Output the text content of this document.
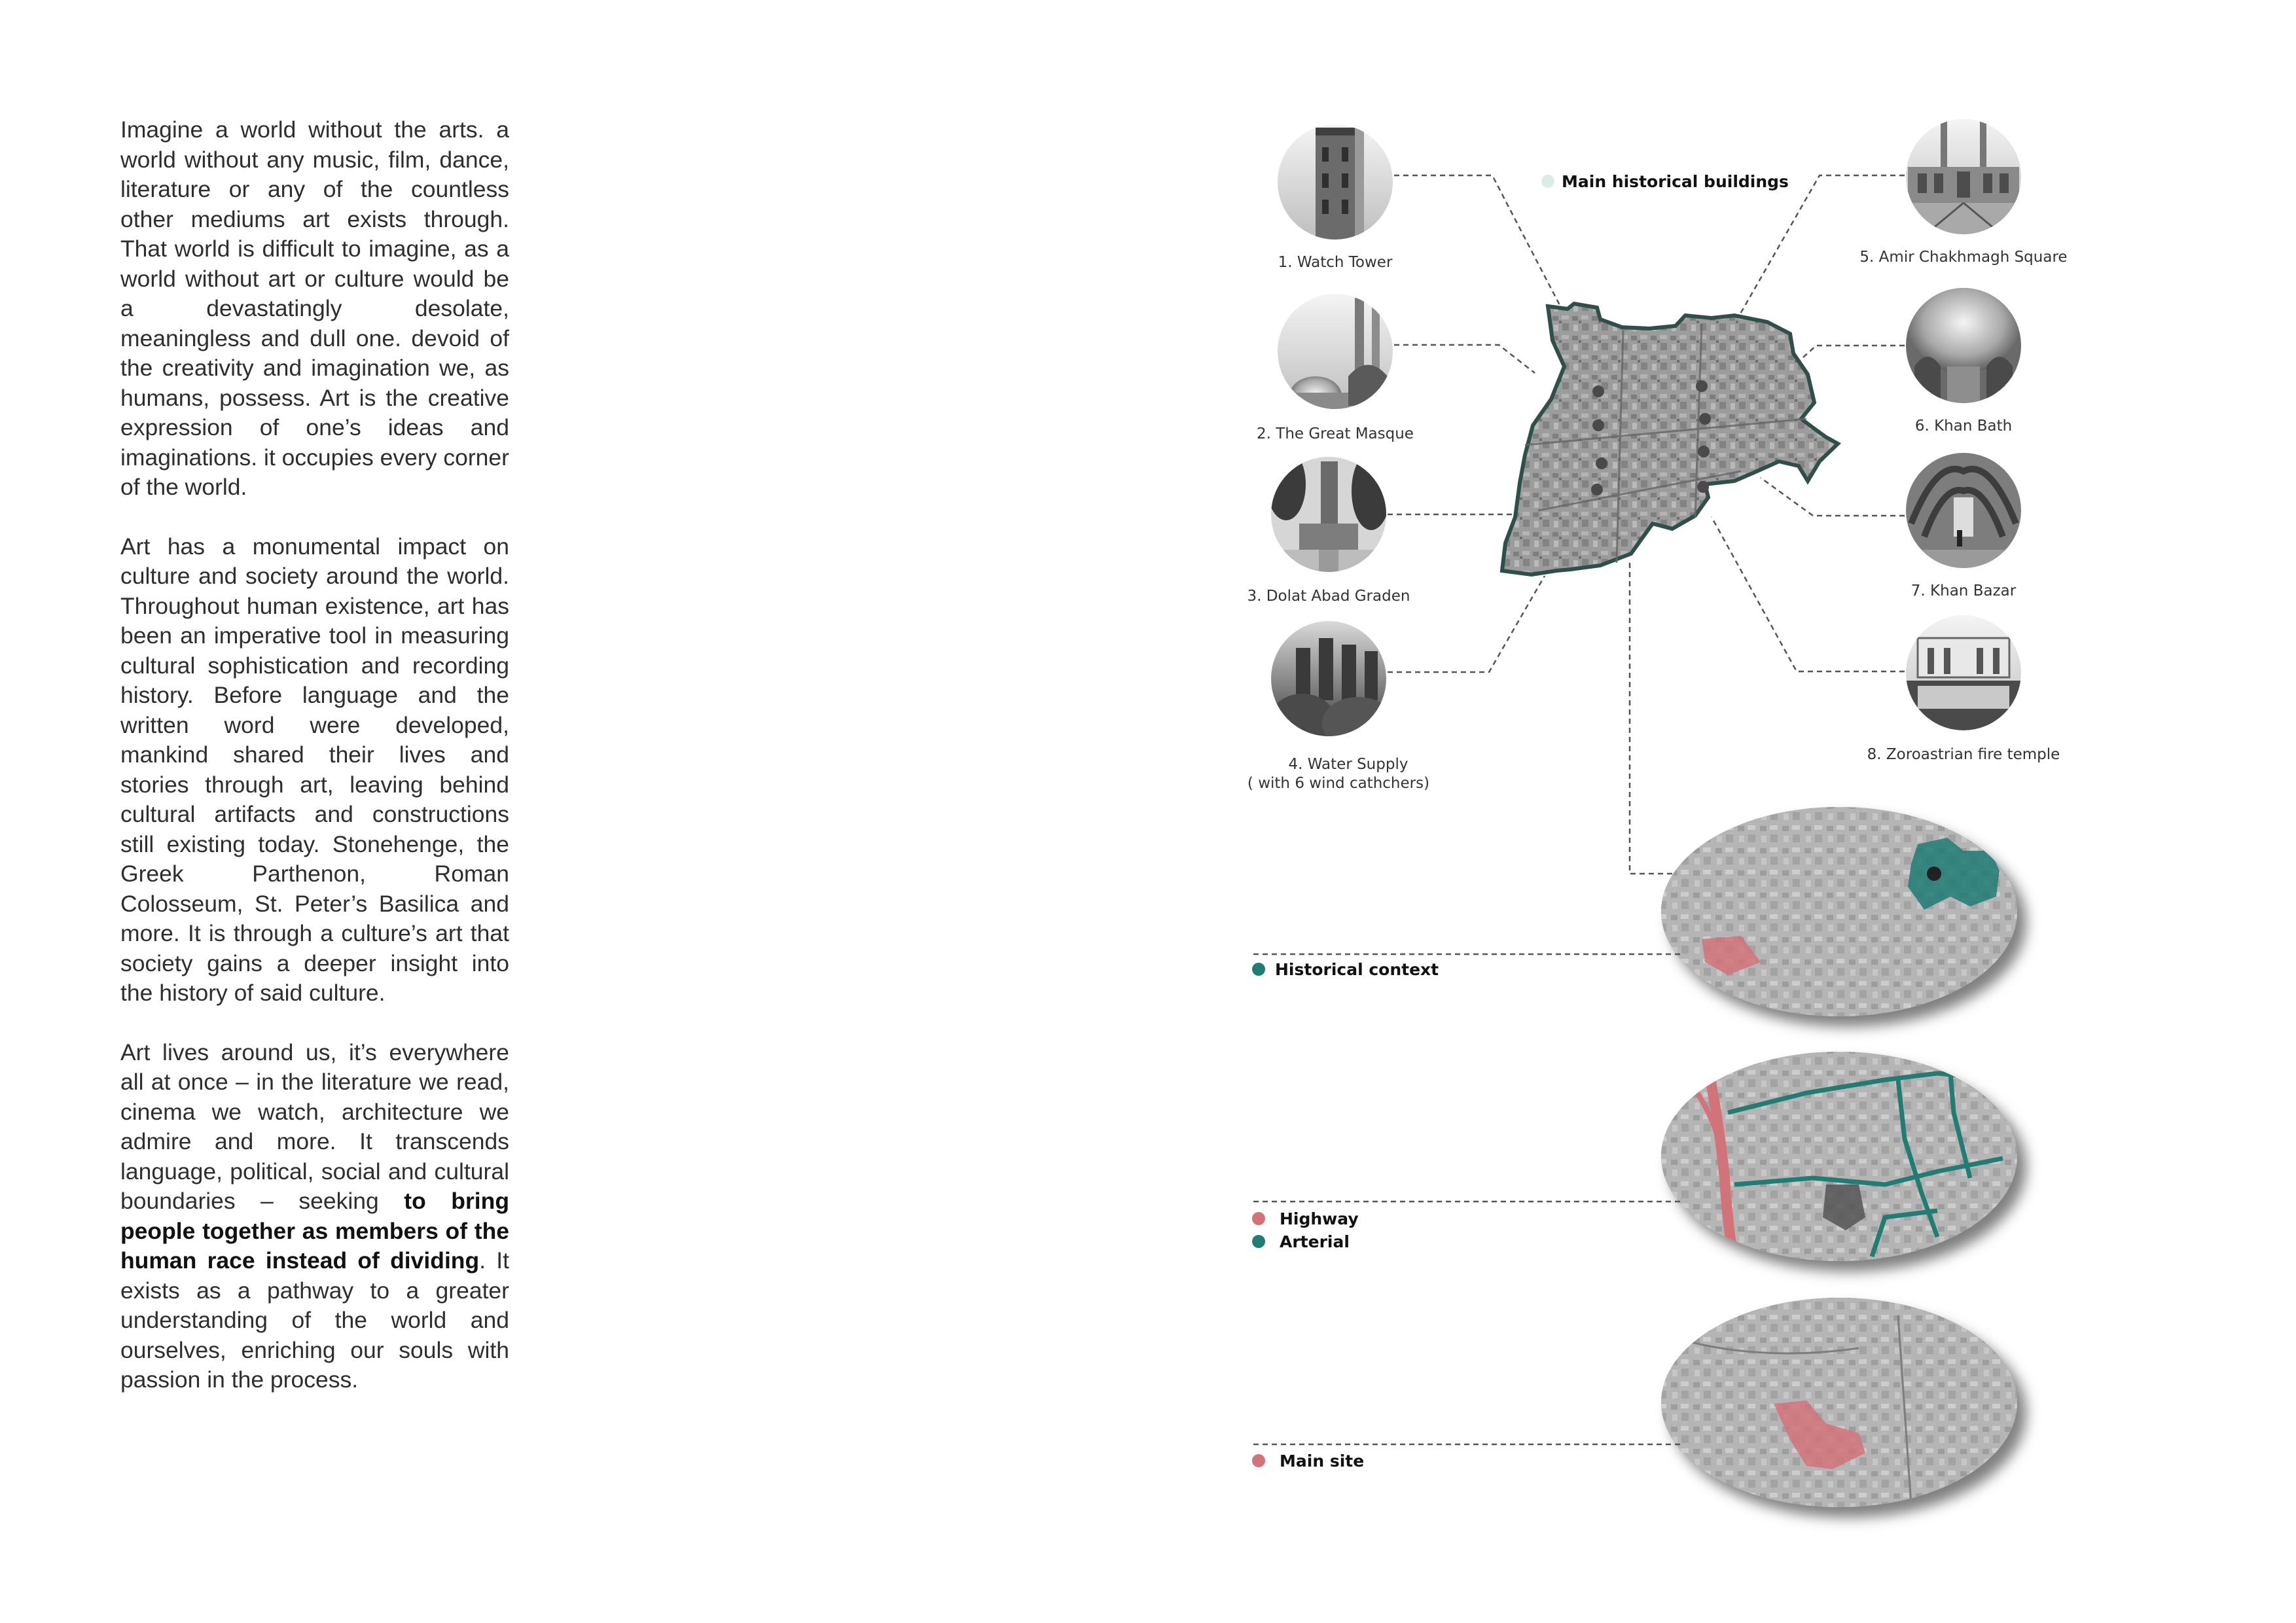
Imagine a world without the arts. a world without any music, film, dance, literature or any of the countless other mediums art exists through. That world is difficult to imagine, as a world without art or culture would be a devastatingly desolate, meaningless and dull one. devoid of the creativity and imagination we, as humans, possess. Art is the creative expression of one’s ideas and imaginations. it occupies every corner of the world.

Art has a monumental impact on culture and society around the world. Throughout human existence, art has been an imperative tool in measuring cultural sophistication and recording history. Before language and the written word were developed, mankind shared their lives and stories through art, leaving behind cultural artifacts and constructions still existing today. Stonehenge, the Greek Parthenon, Roman Colosseum, St. Peter’s Basilica and more. It is through a culture’s art that society gains a deeper insight into the history of said culture.

Art lives around us, it’s everywhere all at once – in the literature we read, cinema we watch, architecture we admire and more. It transcends language, political, social and cultural boundaries – seeking to bring people together as members of the human race instead of dividing. It exists as a pathway to a greater understanding of the world and ourselves, enriching our souls with passion in the process.

Main historical buildings
1. Watch Tower
2. The Great Masque
3. Dolat Abad Graden
4. Water Supply
( with 6 wind cathchers)
5. Amir Chakhmagh Square
6. Khan Bath
7. Khan Bazar
8. Zoroastrian fire temple
Historical context
Highway
Arterial
Main site
